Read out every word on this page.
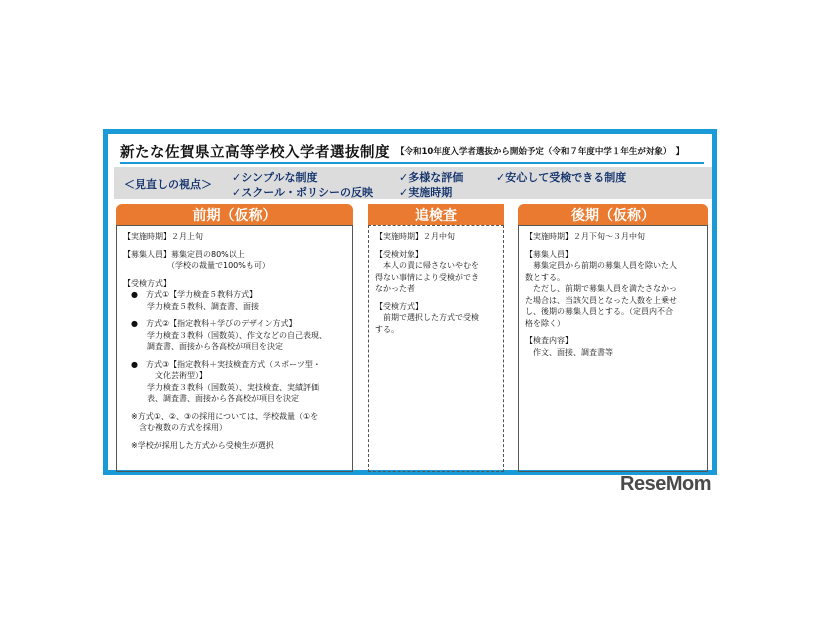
新たな佐賀県立高等学校入学者選抜制度 【令和10年度入学者選抜から開始予定（令和７年度中学１年生が対象）　】
＜見直しの視点＞
✓シンプルな制度
✓スクール・ポリシーの反映
✓多様な評価
✓実施時期
✓安心して受検できる制度
前期（仮称）
【実施時期】２月上旬
【募集人員】募集定員の80%以上
　　　　　　（学校の裁量で100%も可）
【受検方式】
　●　方式①【学力検査５教科方式】
　　　学力検査５教科、調査書、面接
　●　方式②【指定教科＋学びのデザイン方式】
　　　学力検査３教科（国数英）、作文などの自己表現、
　　　調査書、面接から各高校が項目を決定
　●　方式③【指定教科＋実技検査方式（スポーツ型・
　　　　文化芸術型）】
　　　学力検査３教科（国数英）、実技検査、実績評価
　　　表、調査書、面接から各高校が項目を決定
　※方式①、②、③の採用については、学校裁量（①を
　　含む複数の方式を採用）
　※学校が採用した方式から受検生が選択
追検査
【実施時期】２月中旬
【受検対象】
　本人の責に帰さないやむを
得ない事情により受検ができ
なかった者
【受検方式】
　前期で選択した方式で受検
する。
後期（仮称）
【実施時期】２月下旬～３月中旬
【募集人員】
　募集定員から前期の募集人員を除いた人
数とする。
　ただし、前期で募集人員を満たさなかっ
た場合は、当該欠員となった人数を上乗せ
し、後期の募集人員とする。（定員内不合
格を除く）
【検査内容】
　作文、面接、調査書等
ReseMom
